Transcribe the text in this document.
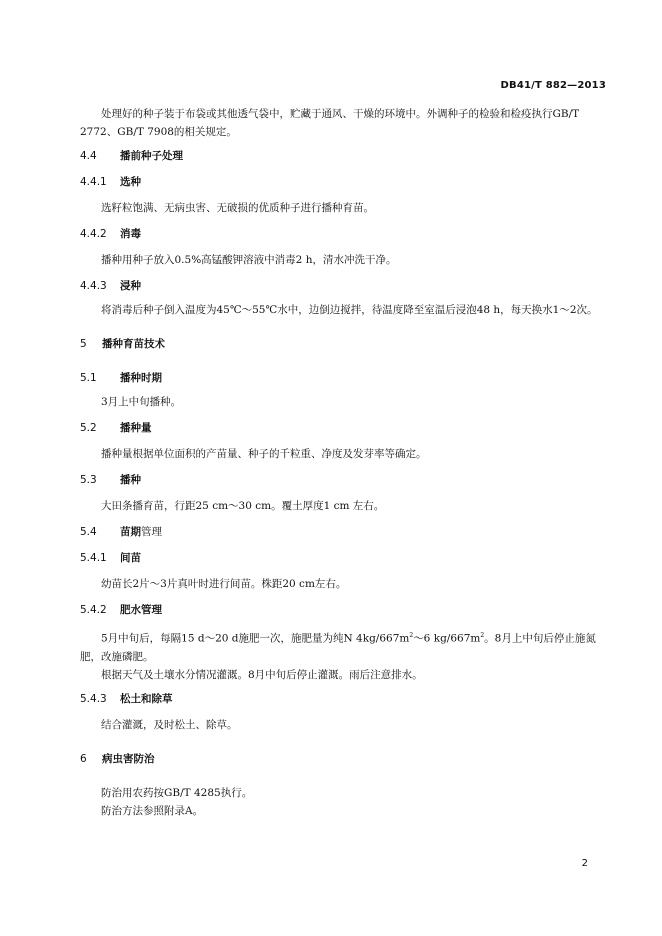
DB41/T 882—2013

处理好的种子装于布袋或其他透气袋中，贮藏于通风、干燥的环境中。外调种子的检验和检疫执行GB/T 2772、GB/T 7908的相关规定。

4.4 播前种子处理
4.4.1 选种

选籽粒饱满、无病虫害、无破损的优质种子进行播种育苗。

4.4.2 消毒

播种用种子放入0.5%高锰酸钾溶液中消毒2 h，清水冲洗干净。

4.4.3 浸种

将消毒后种子倒入温度为45℃～55℃水中，边倒边搅拌，待温度降至室温后浸泡48 h，每天换水1～2次。

5 播种育苗技术
5.1 播种时期

3月上中旬播种。

5.2 播种量

播种量根据单位面积的产苗量、种子的千粒重、净度及发芽率等确定。

5.3 播种

大田条播育苗，行距25 cm～30 cm。覆土厚度1 cm 左右。

5.4 苗期管理
5.4.1 间苗

幼苗长2片～3片真叶时进行间苗。株距20 cm左右。

5.4.2 肥水管理

5月中旬后，每隔15 d～20 d施肥一次，施肥量为纯N $4kg/667m^2\sim 6$ $kg/667m^2$。8月上中旬后停止施氮肥，改施磷肥。

根据天气及土壤水分情况灌溉。8月中旬后停止灌溉。雨后注意排水。

5.4.3 松土和除草

结合灌溉，及时松土、除草。

6 病虫害防治

防治用农药按GB/T 4285执行。

防治方法参照附录A。

2
